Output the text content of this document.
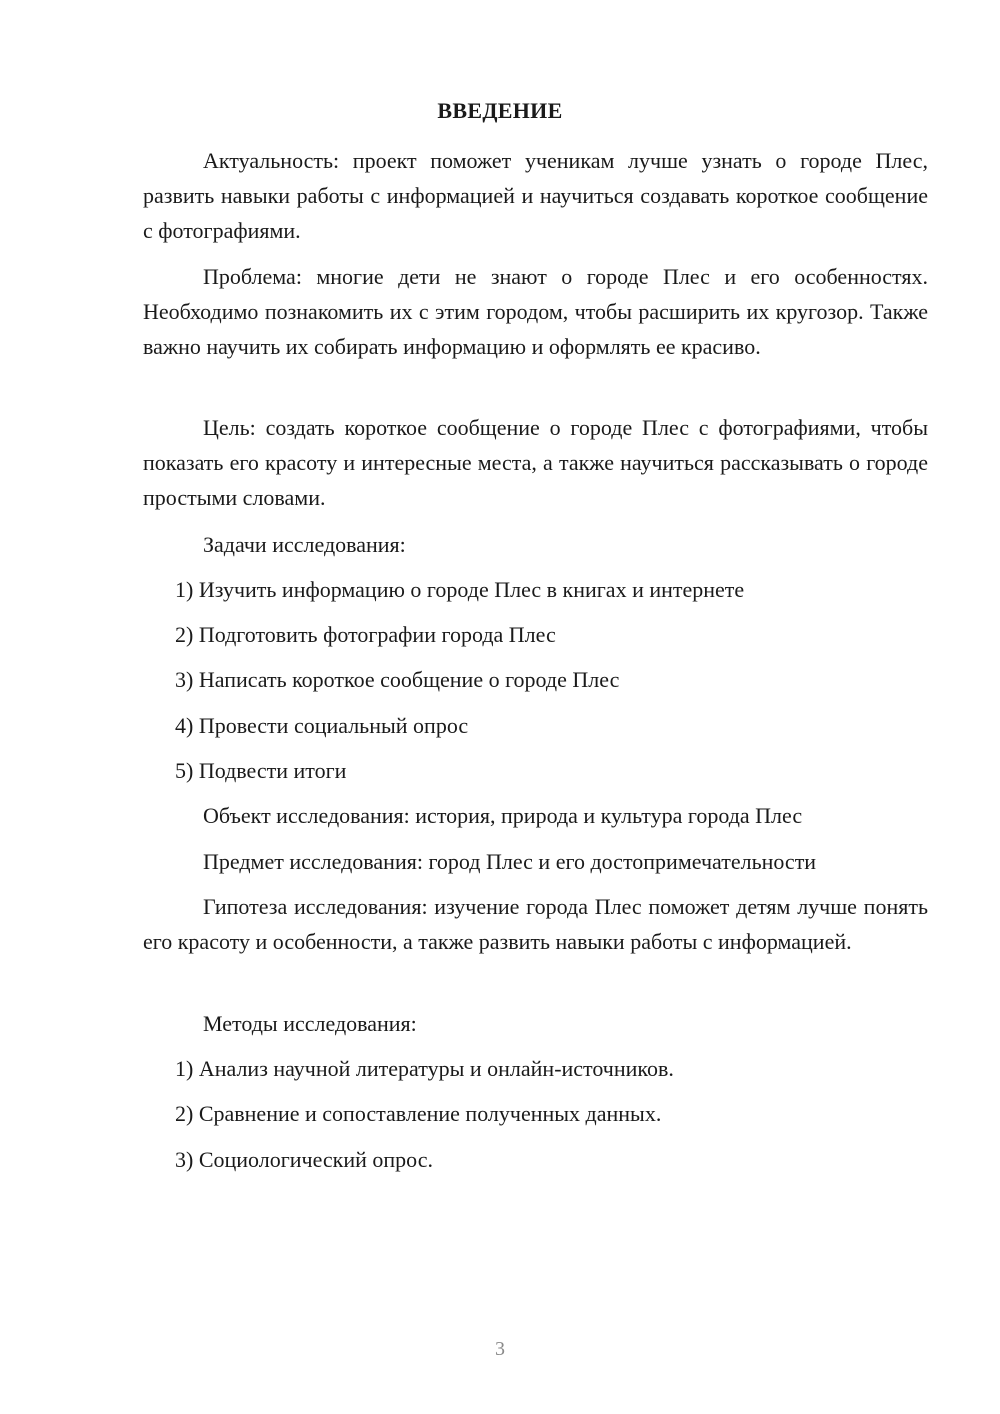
ВВЕДЕНИЕ

Актуальность: проект поможет ученикам лучше узнать о городе Плес, развить навыки работы с информацией и научиться создавать короткое сообщение с фотографиями.

Проблема: многие дети не знают о городе Плес и его особенностях. Необходимо познакомить их с этим городом, чтобы расширить их кругозор. Также важно научить их собирать информацию и оформлять ее красиво.

Цель: создать короткое сообщение о городе Плес с фотографиями, чтобы показать его красоту и интересные места, а также научиться рассказывать о городе простыми словами.

Задачи исследования:

1) Изучить информацию о городе Плес в книгах и интернете

2) Подготовить фотографии города Плес

3) Написать короткое сообщение о городе Плес

4) Провести социальный опрос

5) Подвести итоги

Объект исследования: история, природа и культура города Плес

Предмет исследования: город Плес и его достопримечательности

Гипотеза исследования: изучение города Плес поможет детям лучше понять его красоту и особенности, а также развить навыки работы с информацией.

Методы исследования:

1) Анализ научной литературы и онлайн-источников.

2) Сравнение и сопоставление полученных данных.

3) Социологический опрос.

3
